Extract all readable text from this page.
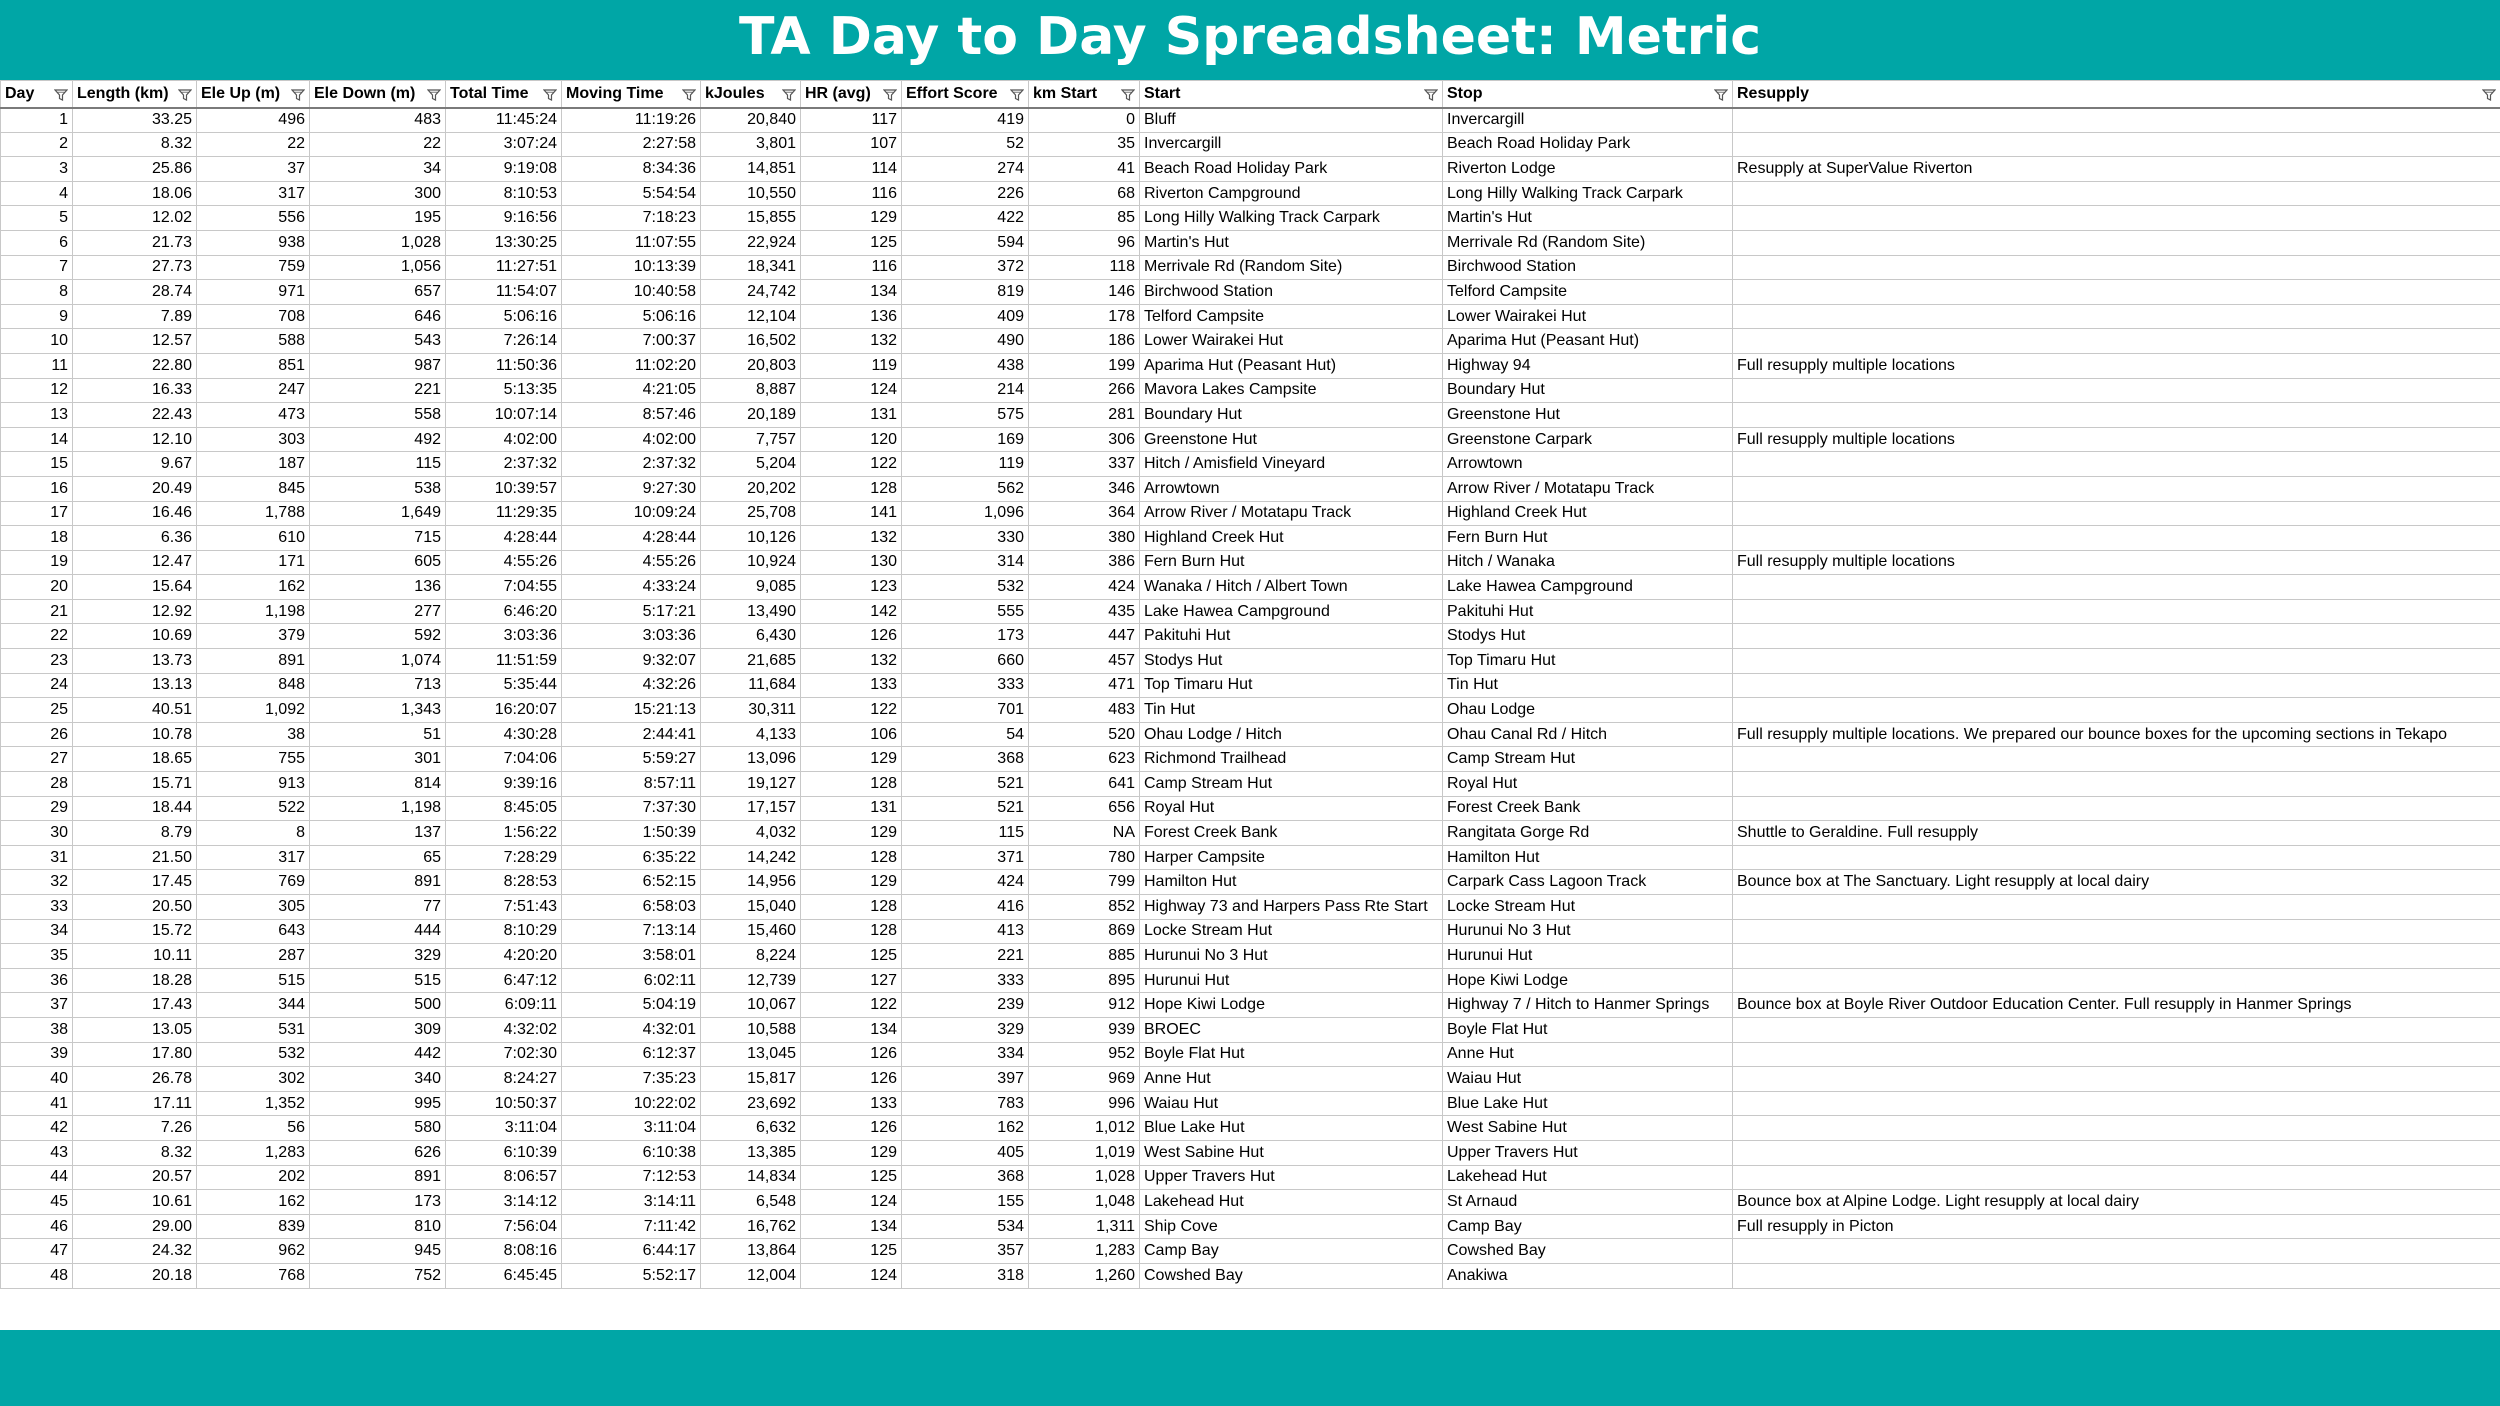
TA Day to Day Spreadsheet: Metric
Day	Length (km)	Ele Up (m)	Ele Down (m)	Total Time	Moving Time	kJoules	HR (avg)	Effort Score	km Start	Start	Stop	Resupply

1	33.25	496	483	11:45:24	11:19:26	20,840	117	419	0	Bluff	Invercargill	
2	8.32	22	22	3:07:24	2:27:58	3,801	107	52	35	Invercargill	Beach Road Holiday Park	
3	25.86	37	34	9:19:08	8:34:36	14,851	114	274	41	Beach Road Holiday Park	Riverton Lodge	Resupply at SuperValue Riverton
4	18.06	317	300	8:10:53	5:54:54	10,550	116	226	68	Riverton Campground	Long Hilly Walking Track Carpark	
5	12.02	556	195	9:16:56	7:18:23	15,855	129	422	85	Long Hilly Walking Track Carpark	Martin's Hut	
6	21.73	938	1,028	13:30:25	11:07:55	22,924	125	594	96	Martin's Hut	Merrivale Rd (Random Site)	
7	27.73	759	1,056	11:27:51	10:13:39	18,341	116	372	118	Merrivale Rd (Random Site)	Birchwood Station	
8	28.74	971	657	11:54:07	10:40:58	24,742	134	819	146	Birchwood Station	Telford Campsite	
9	7.89	708	646	5:06:16	5:06:16	12,104	136	409	178	Telford Campsite	Lower Wairakei Hut	
10	12.57	588	543	7:26:14	7:00:37	16,502	132	490	186	Lower Wairakei Hut	Aparima Hut (Peasant Hut)	
11	22.80	851	987	11:50:36	11:02:20	20,803	119	438	199	Aparima Hut (Peasant Hut)	Highway 94	Full resupply multiple locations
12	16.33	247	221	5:13:35	4:21:05	8,887	124	214	266	Mavora Lakes Campsite	Boundary Hut	
13	22.43	473	558	10:07:14	8:57:46	20,189	131	575	281	Boundary Hut	Greenstone Hut	
14	12.10	303	492	4:02:00	4:02:00	7,757	120	169	306	Greenstone Hut	Greenstone Carpark	Full resupply multiple locations
15	9.67	187	115	2:37:32	2:37:32	5,204	122	119	337	Hitch / Amisfield Vineyard	Arrowtown	
16	20.49	845	538	10:39:57	9:27:30	20,202	128	562	346	Arrowtown	Arrow River / Motatapu Track	
17	16.46	1,788	1,649	11:29:35	10:09:24	25,708	141	1,096	364	Arrow River / Motatapu Track	Highland Creek Hut	
18	6.36	610	715	4:28:44	4:28:44	10,126	132	330	380	Highland Creek Hut	Fern Burn Hut	
19	12.47	171	605	4:55:26	4:55:26	10,924	130	314	386	Fern Burn Hut	Hitch / Wanaka	Full resupply multiple locations
20	15.64	162	136	7:04:55	4:33:24	9,085	123	532	424	Wanaka / Hitch / Albert Town	Lake Hawea Campground	
21	12.92	1,198	277	6:46:20	5:17:21	13,490	142	555	435	Lake Hawea Campground	Pakituhi Hut	
22	10.69	379	592	3:03:36	3:03:36	6,430	126	173	447	Pakituhi Hut	Stodys Hut	
23	13.73	891	1,074	11:51:59	9:32:07	21,685	132	660	457	Stodys Hut	Top Timaru Hut	
24	13.13	848	713	5:35:44	4:32:26	11,684	133	333	471	Top Timaru Hut	Tin Hut	
25	40.51	1,092	1,343	16:20:07	15:21:13	30,311	122	701	483	Tin Hut	Ohau Lodge	
26	10.78	38	51	4:30:28	2:44:41	4,133	106	54	520	Ohau Lodge / Hitch	Ohau Canal Rd / Hitch	Full resupply multiple locations. We prepared our bounce boxes for the upcoming sections in Tekapo
27	18.65	755	301	7:04:06	5:59:27	13,096	129	368	623	Richmond Trailhead	Camp Stream Hut	
28	15.71	913	814	9:39:16	8:57:11	19,127	128	521	641	Camp Stream Hut	Royal Hut	
29	18.44	522	1,198	8:45:05	7:37:30	17,157	131	521	656	Royal Hut	Forest Creek Bank	
30	8.79	8	137	1:56:22	1:50:39	4,032	129	115	NA	Forest Creek Bank	Rangitata Gorge Rd	Shuttle to Geraldine. Full resupply
31	21.50	317	65	7:28:29	6:35:22	14,242	128	371	780	Harper Campsite	Hamilton Hut	
32	17.45	769	891	8:28:53	6:52:15	14,956	129	424	799	Hamilton Hut	Carpark Cass Lagoon Track	Bounce box at The Sanctuary. Light resupply at local dairy
33	20.50	305	77	7:51:43	6:58:03	15,040	128	416	852	Highway 73 and Harpers Pass Rte Start	Locke Stream Hut	
34	15.72	643	444	8:10:29	7:13:14	15,460	128	413	869	Locke Stream Hut	Hurunui No 3 Hut	
35	10.11	287	329	4:20:20	3:58:01	8,224	125	221	885	Hurunui No 3 Hut	Hurunui Hut	
36	18.28	515	515	6:47:12	6:02:11	12,739	127	333	895	Hurunui Hut	Hope Kiwi Lodge	
37	17.43	344	500	6:09:11	5:04:19	10,067	122	239	912	Hope Kiwi Lodge	Highway 7 / Hitch to Hanmer Springs	Bounce box at Boyle River Outdoor Education Center. Full resupply in Hanmer Springs
38	13.05	531	309	4:32:02	4:32:01	10,588	134	329	939	BROEC	Boyle Flat Hut	
39	17.80	532	442	7:02:30	6:12:37	13,045	126	334	952	Boyle Flat Hut	Anne Hut	
40	26.78	302	340	8:24:27	7:35:23	15,817	126	397	969	Anne Hut	Waiau Hut	
41	17.11	1,352	995	10:50:37	10:22:02	23,692	133	783	996	Waiau Hut	Blue Lake Hut	
42	7.26	56	580	3:11:04	3:11:04	6,632	126	162	1,012	Blue Lake Hut	West Sabine Hut	
43	8.32	1,283	626	6:10:39	6:10:38	13,385	129	405	1,019	West Sabine Hut	Upper Travers Hut	
44	20.57	202	891	8:06:57	7:12:53	14,834	125	368	1,028	Upper Travers Hut	Lakehead Hut	
45	10.61	162	173	3:14:12	3:14:11	6,548	124	155	1,048	Lakehead Hut	St Arnaud	Bounce box at Alpine Lodge. Light resupply at local dairy
46	29.00	839	810	7:56:04	7:11:42	16,762	134	534	1,311	Ship Cove	Camp Bay	Full resupply in Picton
47	24.32	962	945	8:08:16	6:44:17	13,864	125	357	1,283	Camp Bay	Cowshed Bay	
48	20.18	768	752	6:45:45	5:52:17	12,004	124	318	1,260	Cowshed Bay	Anakiwa	
